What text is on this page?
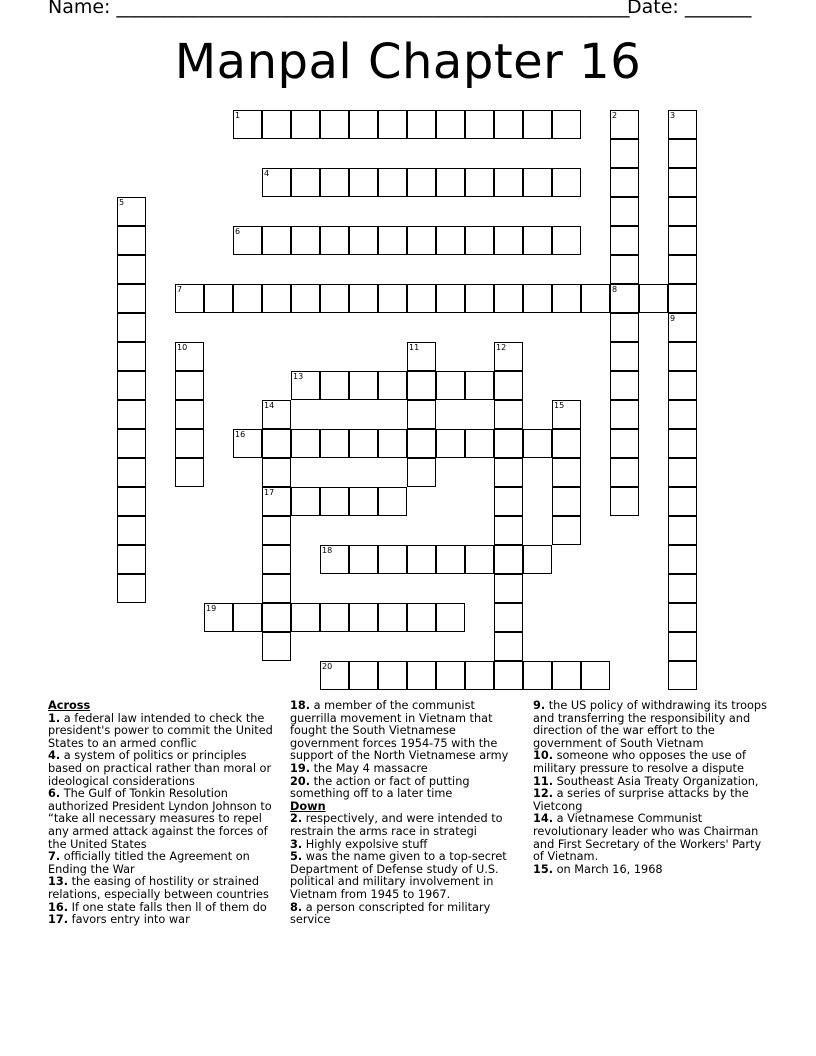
Name: ______________________________________________________
Date: _______
Manpal Chapter 16
1	2	3
4
5
6
7	8
9
10	11	12
13
14
17
15
16
18
19
20

Across

1. a federal law intended to check the president's power to commit the United States to an armed conflic

4. a system of politics or principles based on practical rather than moral or ideological considerations

6. The Gulf of Tonkin Resolution authorized President Lyndon Johnson to “take all necessary measures to repel any armed attack against the forces of the United States

7. officially titled the Agreement on Ending the War

13. the easing of hostility or strained relations, especially between countries

16. If one state falls then ll of them do

17. favors entry into war

18. a member of the communist guerrilla movement in Vietnam that fought the South Vietnamese government forces 1954-75 with the support of the North Vietnamese army

19. the May 4 massacre

20. the action or fact of putting something off to a later time

Down

2. respectively, and were intended to restrain the arms race in strategi

3. Highly expolsive stuff

5. was the name given to a top-secret Department of Defense study of U.S. political and military involvement in Vietnam from 1945 to 1967.

8. a person conscripted for military service

9. the US policy of withdrawing its troops and transferring the responsibility and direction of the war effort to the government of South Vietnam

10. someone who opposes the use of military pressure to resolve a dispute

11. Southeast Asia Treaty Organization,

12. a series of surprise attacks by the Vietcong

14. a Vietnamese Communist revolutionary leader who was Chairman and First Secretary of the Workers' Party of Vietnam.

15. on March 16, 1968
